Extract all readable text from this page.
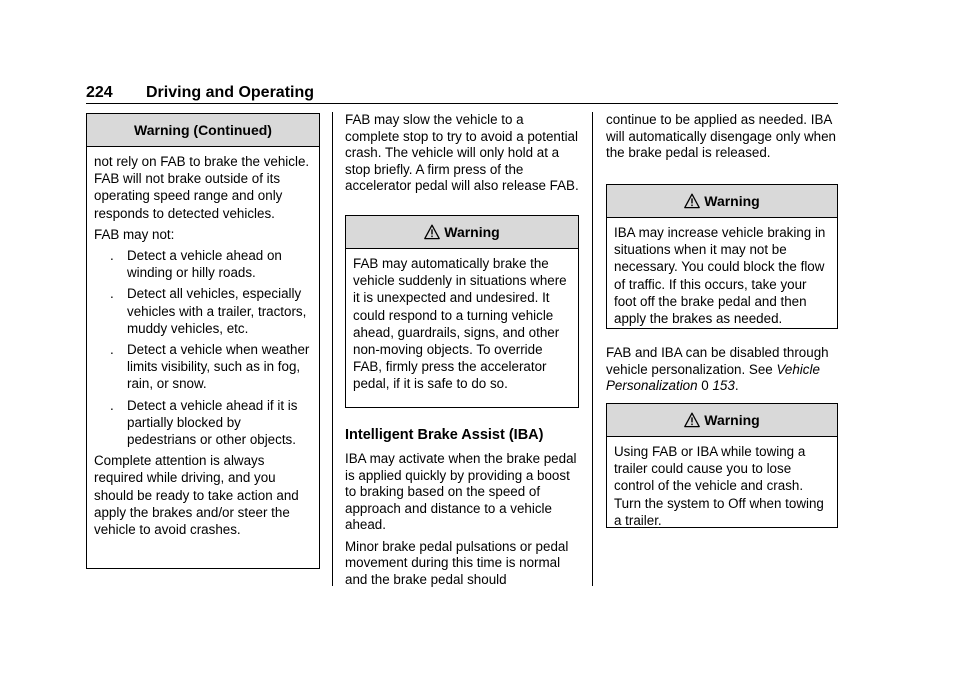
224 Driving and Operating
Warning (Continued)

not rely on FAB to brake the vehicle. FAB will not brake outside of its operating speed range and only responds to detected vehicles.

FAB may not:

. Detect a vehicle ahead on winding or hilly roads.
. Detect all vehicles, especially vehicles with a trailer, tractors, muddy vehicles, etc.
. Detect a vehicle when weather limits visibility, such as in fog, rain, or snow.
. Detect a vehicle ahead if it is partially blocked by pedestrians or other objects.

Complete attention is always required while driving, and you should be ready to take action and apply the brakes and/or steer the vehicle to avoid crashes.

FAB may slow the vehicle to a complete stop to try to avoid a potential crash. The vehicle will only hold at a stop briefly. A firm press of the accelerator pedal will also release FAB.

Warning

FAB may automatically brake the vehicle suddenly in situations where it is unexpected and undesired. It could respond to a turning vehicle ahead, guardrails, signs, and other non-moving objects. To override FAB, firmly press the accelerator pedal, if it is safe to do so.

Intelligent Brake Assist (IBA)

IBA may activate when the brake pedal is applied quickly by providing a boost to braking based on the speed of approach and distance to a vehicle ahead.

Minor brake pedal pulsations or pedal movement during this time is normal and the brake pedal should

continue to be applied as needed. IBA will automatically disengage only when the brake pedal is released.

Warning

IBA may increase vehicle braking in situations when it may not be necessary. You could block the flow of traffic. If this occurs, take your foot off the brake pedal and then apply the brakes as needed.

FAB and IBA can be disabled through vehicle personalization. See Vehicle Personalization 0 153.

Warning

Using FAB or IBA while towing a trailer could cause you to lose control of the vehicle and crash. Turn the system to Off when towing a trailer.
